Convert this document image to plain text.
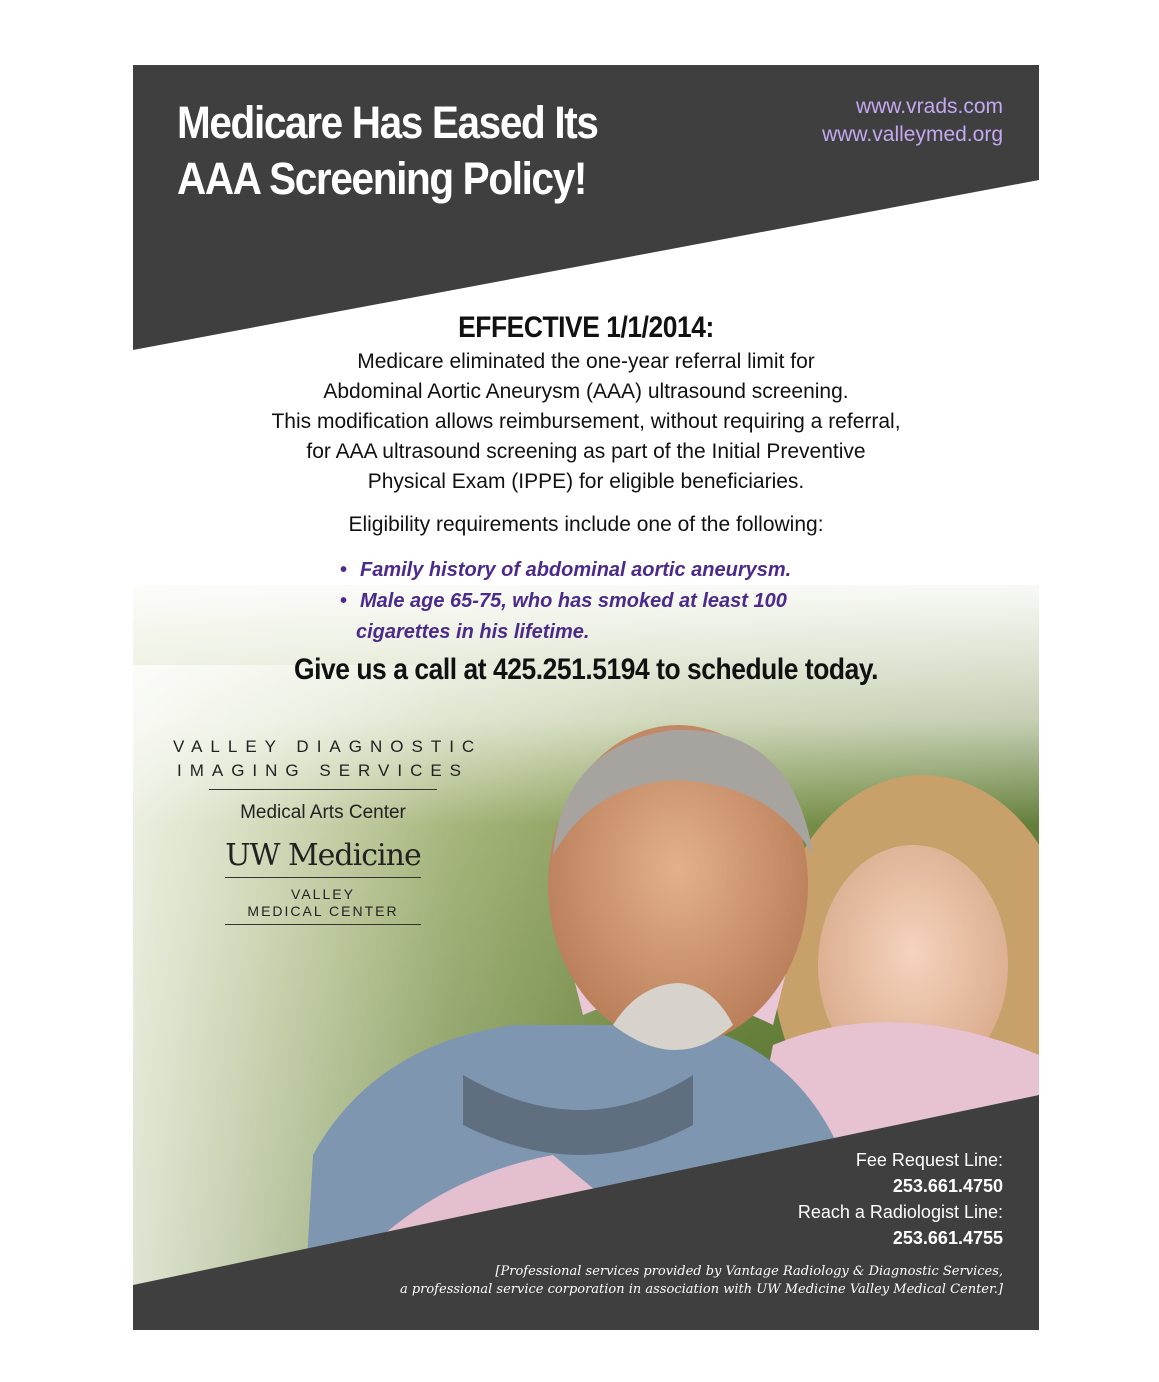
Medicare Has Eased Its
AAA Screening Policy!
www.vrads.com
www.valleymed.org
EFFECTIVE 1/1/2014:
Medicare eliminated the one-year referral limit for
Abdominal Aortic Aneurysm (AAA) ultrasound screening.
This modification allows reimbursement, without requiring a referral,
for AAA ultrasound screening as part of the Initial Preventive
Physical Exam (IPPE) for eligible beneficiaries.
Eligibility requirements include one of the following:
• Family history of abdominal aortic aneurysm.
• Male age 65-75, who has smoked at least 100
cigarettes in his lifetime.
Give us a call at 425.251.5194 to schedule today.
VALLEY DIAGNOSTIC
IMAGING SERVICES
Medical Arts Center
UW Medicine
VALLEY
MEDICAL CENTER
Fee Request Line:
253.661.4750
Reach a Radiologist Line:
253.661.4755
[Professional services provided by Vantage Radiology & Diagnostic Services,
a professional service corporation in association with UW Medicine Valley Medical Center.]
